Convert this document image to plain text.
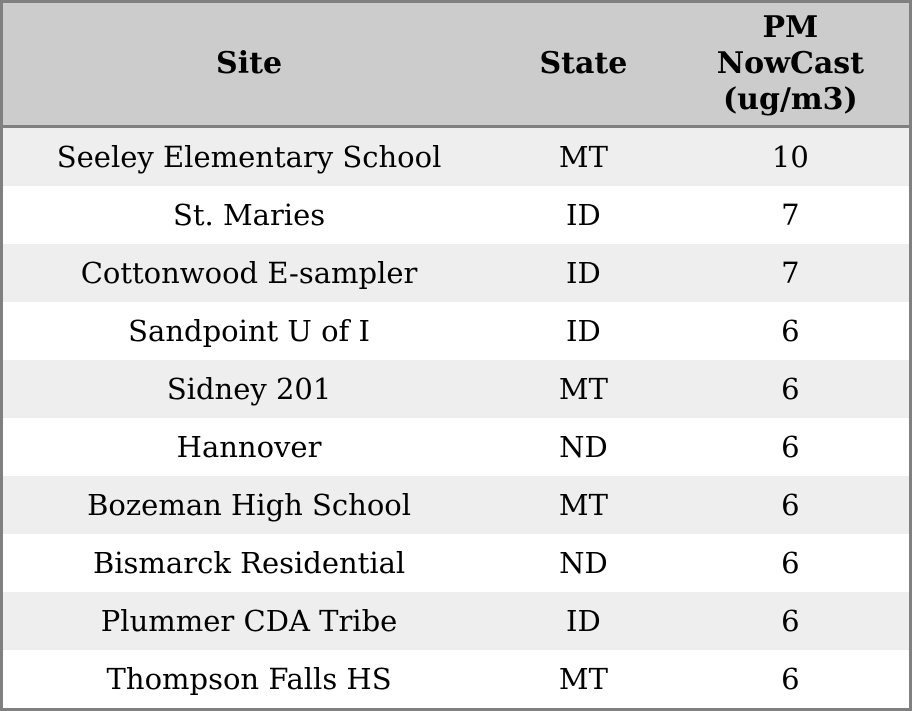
Site	State	PM
NowCast
(ug/m3)
Seeley Elementary School	MT	10
St. Maries	ID	7
Cottonwood E-sampler	ID	7
Sandpoint U of I	ID	6
Sidney 201	MT	6
Hannover	ND	6
Bozeman High School	MT	6
Bismarck Residential	ND	6
Plummer CDA Tribe	ID	6
Thompson Falls HS	MT	6
